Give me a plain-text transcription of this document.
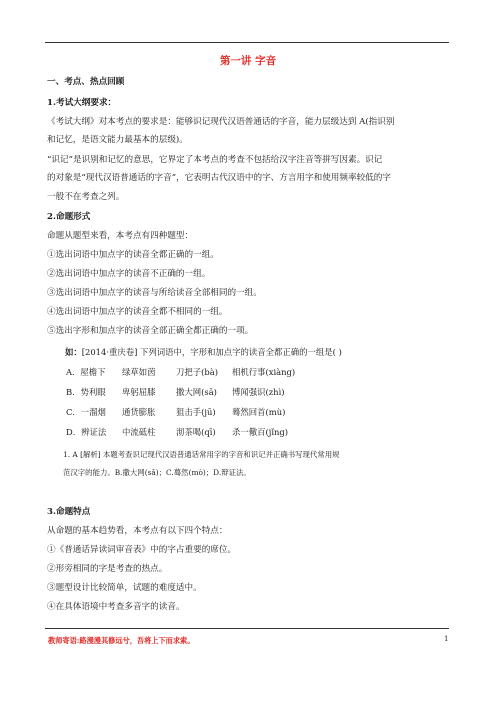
第一讲 字音
一、考点、热点回顾
1.考试大纲要求：
《考试大纲》对本考点的要求是：能够识记现代汉语普通话的字音，能力层级达到 A(指识别
和记忆，是语文能力最基本的层级)。
“识记”是识别和记忆的意思，它界定了本考点的考查不包括给汉字注音等拼写因素。识记
的对象是“现代汉语普通话的字音”，它表明古代汉语中的字、方言用字和使用频率较低的字
一般不在考查之列。
2.命题形式
命题从题型来看，本考点有四种题型：
①选出词语中加点字的读音全都正确的一组。
②选出词语中加点字的读音不正确的一组。
③选出词语中加点字的读音与所给读音全部相同的一组。
④选出词语中加点字的读音全都不相同的一组。
⑤选出字形和加点字的读音全部正确全都正确的一项。
如：[2014·重庆卷] 下列词语中，字形和加点字的读音全都正确的一组是( )
A．屋檐下 绿草如茵 刀把子(bà) 相机行事(xiàng)
B．势利眼 卑躬屈膝 撒大网(sā) 博闻强识(zhì)
C．一溜烟 通货膨胀 狙击手(jū) 蓦然回首(mù)
D．辨证法 中流砥柱 沏茶喝(qī) 杀一儆百(jǐng)
1. A [解析] 本题考查识记现代汉语普通话常用字的字音和识记并正确书写现代常用规
范汉字的能力。B.撒大网(sǎ)；C.蓦然(mò)；D.辩证法。
3.命题特点
从命题的基本趋势看，本考点有以下四个特点：
①《普通话异读词审音表》中的字占重要的席位。
②形旁相同的字是考查的热点。
③题型设计比较简单，试题的难度适中。
④在具体语境中考查多音字的读音。
教师寄语:路漫漫其修远兮，吾将上下而求索。	1
